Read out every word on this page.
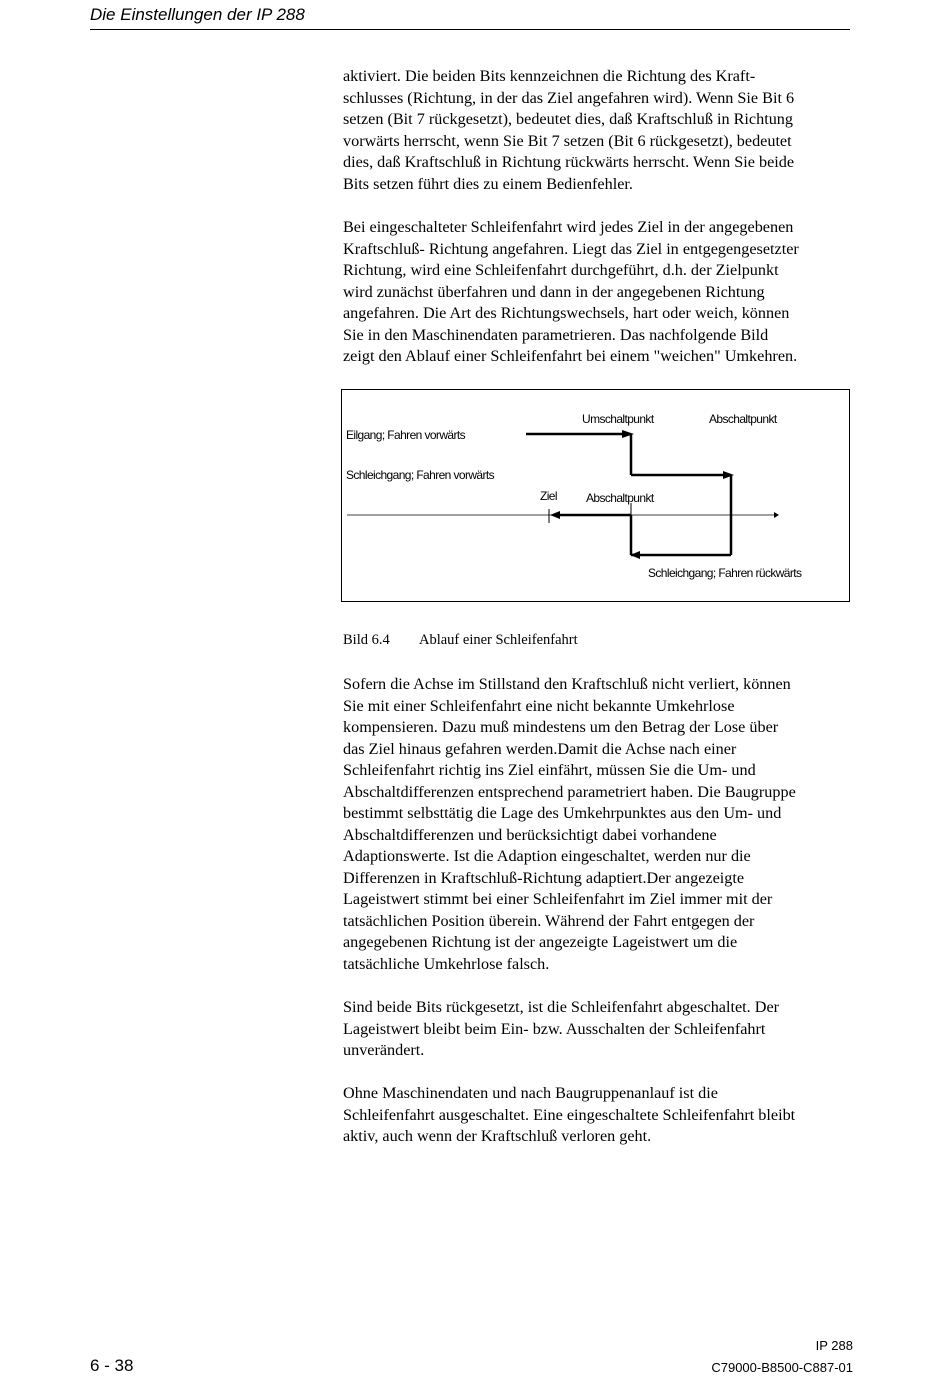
Die Einstellungen der IP 288

aktiviert. Die beiden Bits kennzeichnen die Richtung des Kraft-
schlusses (Richtung, in der das Ziel angefahren wird). Wenn Sie Bit 6
setzen (Bit 7 rückgesetzt), bedeutet dies, daß Kraftschluß in Richtung
vorwärts herrscht, wenn Sie Bit 7 setzen (Bit 6 rückgesetzt), bedeutet
dies, daß Kraftschluß in Richtung rückwärts herrscht. Wenn Sie beide
Bits setzen führt dies zu einem Bedienfehler.

Bei eingeschalteter Schleifenfahrt wird jedes Ziel in der angegebenen
Kraftschluß- Richtung angefahren. Liegt das Ziel in entgegengesetzter
Richtung, wird eine Schleifenfahrt durchgeführt, d.h. der Zielpunkt
wird zunächst überfahren und dann in der angegebenen Richtung
angefahren. Die Art des Richtungswechsels, hart oder weich, können
Sie in den Maschinendaten parametrieren. Das nachfolgende Bild
zeigt den Ablauf einer Schleifenfahrt bei einem "weichen" Umkehren.

Umschaltpunkt	Abschaltpunkt
Eilgang; Fahren vorwärts
Schleichgang; Fahren vorwärts
Ziel Abschaltpunkt
Schleichgang; Fahren rückwärts
Bild 6.4 Ablauf einer Schleifenfahrt

Sofern die Achse im Stillstand den Kraftschluß nicht verliert, können
Sie mit einer Schleifenfahrt eine nicht bekannte Umkehrlose
kompensieren. Dazu muß mindestens um den Betrag der Lose über
das Ziel hinaus gefahren werden.Damit die Achse nach einer
Schleifenfahrt richtig ins Ziel einfährt, müssen Sie die Um- und
Abschaltdifferenzen entsprechend parametriert haben. Die Baugruppe
bestimmt selbsttätig die Lage des Umkehrpunktes aus den Um- und
Abschaltdifferenzen und berücksichtigt dabei vorhandene
Adaptionswerte. Ist die Adaption eingeschaltet, werden nur die
Differenzen in Kraftschluß-Richtung adaptiert.Der angezeigte
Lageistwert stimmt bei einer Schleifenfahrt im Ziel immer mit der
tatsächlichen Position überein. Während der Fahrt entgegen der
angegebenen Richtung ist der angezeigte Lageistwert um die
tatsächliche Umkehrlose falsch.

Sind beide Bits rückgesetzt, ist die Schleifenfahrt abgeschaltet. Der
Lageistwert bleibt beim Ein- bzw. Ausschalten der Schleifenfahrt
unverändert.

Ohne Maschinendaten und nach Baugruppenanlauf ist die
Schleifenfahrt ausgeschaltet. Eine eingeschaltete Schleifenfahrt bleibt
aktiv, auch wenn der Kraftschluß verloren geht.

6 - 38
IP 288
C79000-B8500-C887-01
